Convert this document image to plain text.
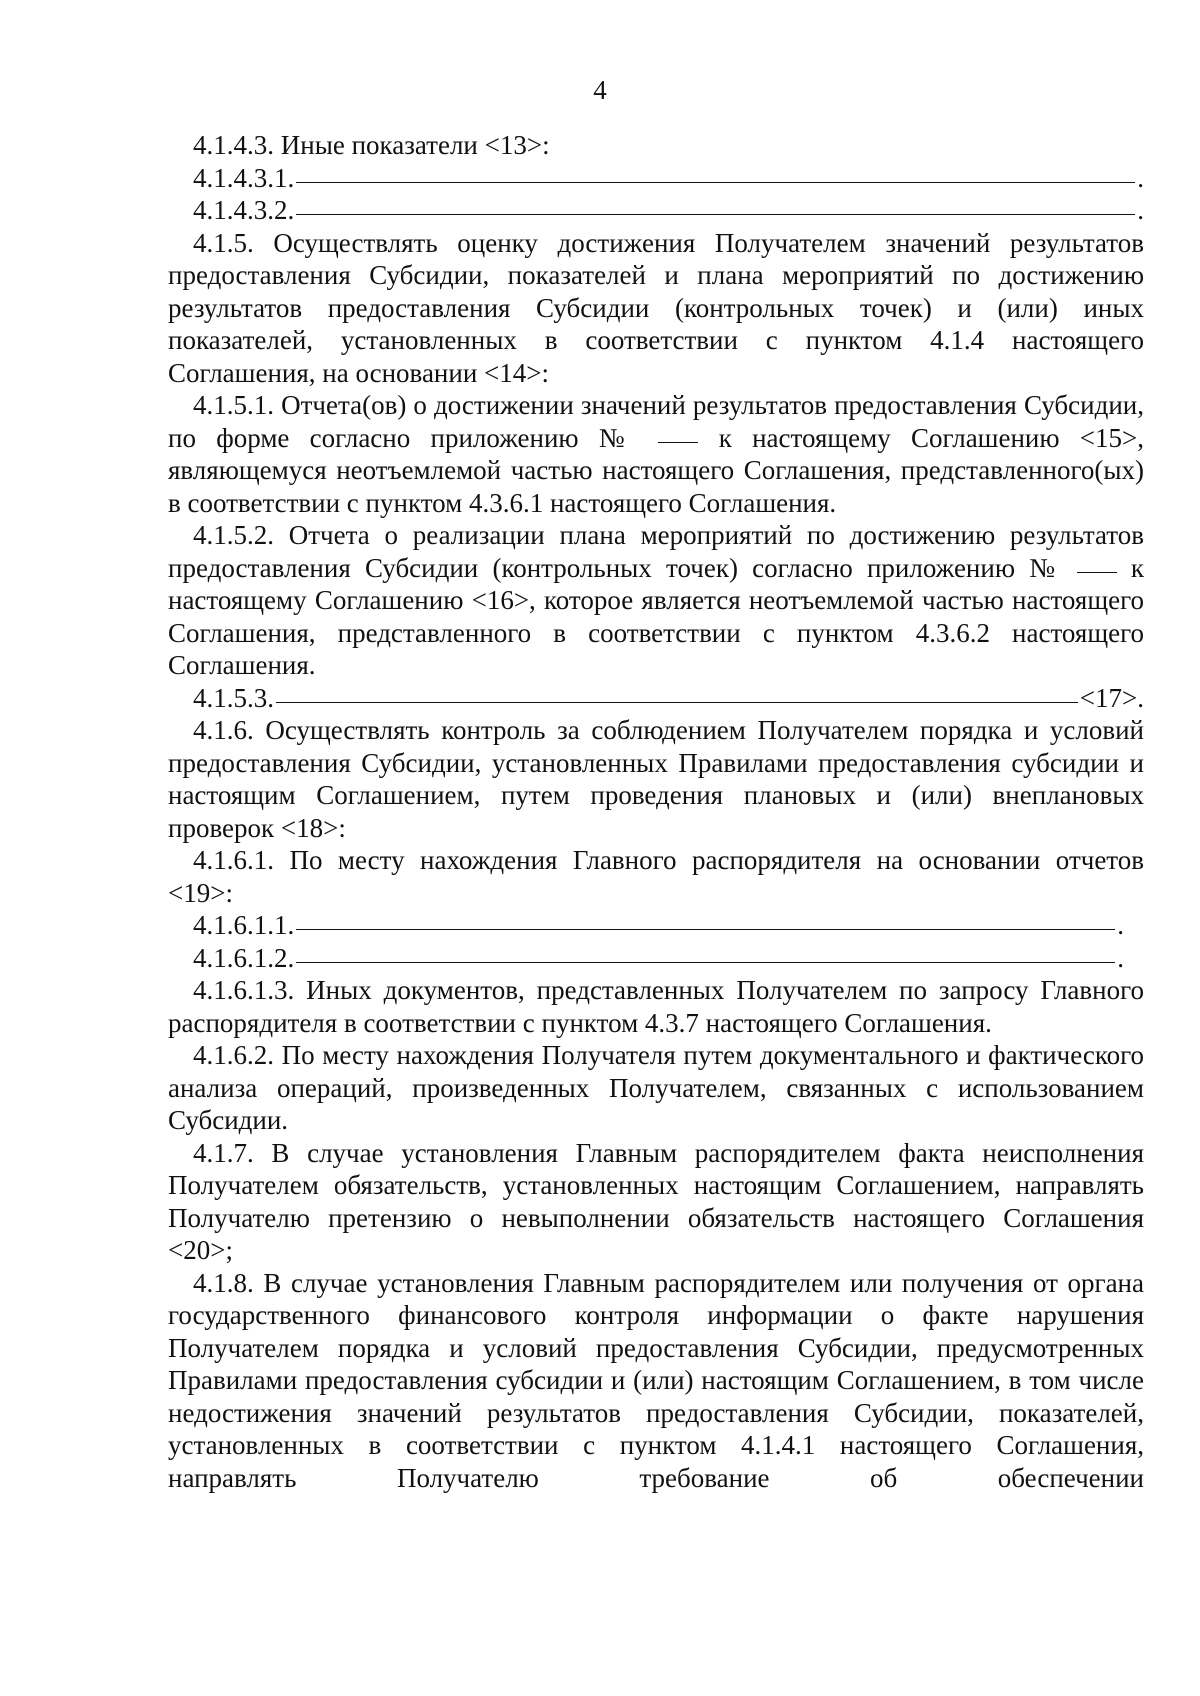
4
4.1.4.3. Иные показатели <13>:
4.1.4.3.1.	.
4.1.4.3.2.	.

4.1.5. Осуществлять оценку достижения Получателем значений результатов предоставления Субсидии, показателей и плана мероприятий по достижению результатов предоставления Субсидии (контрольных точек) и (или) иных показателей, установленных в соответствии с пунктом 4.1.4 настоящего Соглашения, на основании <14>:

4.1.5.1. Отчета(ов) о достижении значений результатов предоставления Субсидии, по форме согласно приложению №	к настоящему Соглашению <15>, являющемуся неотъемлемой частью настоящего Соглашения, представленного(ых) в соответствии с пунктом 4.3.6.1 настоящего Соглашения.

4.1.5.2. Отчета о реализации плана мероприятий по достижению результатов предоставления Субсидии (контрольных точек) согласно приложению №	к настоящему Соглашению <16>, которое является неотъемлемой частью настоящего Соглашения, представленного в соответствии с пунктом 4.3.6.2 настоящего Соглашения.

4.1.5.3.	<17>.

4.1.6. Осуществлять контроль за соблюдением Получателем порядка и условий предоставления Субсидии, установленных Правилами предоставления субсидии и настоящим Соглашением, путем проведения плановых и (или) внеплановых проверок <18>:

4.1.6.1. По месту нахождения Главного распорядителя на основании отчетов <19>:

4.1.6.1.1.	.
4.1.6.1.2.	.

4.1.6.1.3. Иных документов, представленных Получателем по запросу Главного распорядителя в соответствии с пунктом 4.3.7 настоящего Соглашения.

4.1.6.2. По месту нахождения Получателя путем документального и фактического анализа операций, произведенных Получателем, связанных с использованием Субсидии.

4.1.7. В случае установления Главным распорядителем факта неисполнения Получателем обязательств, установленных настоящим Соглашением, направлять Получателю претензию о невыполнении обязательств настоящего Соглашения <20>;

4.1.8. В случае установления Главным распорядителем или получения от органа государственного финансового контроля информации о факте нарушения Получателем порядка и условий предоставления Субсидии, предусмотренных Правилами предоставления субсидии и (или) настоящим Соглашением, в том числе недостижения значений результатов предоставления Субсидии, показателей, установленных в соответствии с пунктом 4.1.4.1 настоящего Соглашения, направлять Получателю требование об обеспечении
